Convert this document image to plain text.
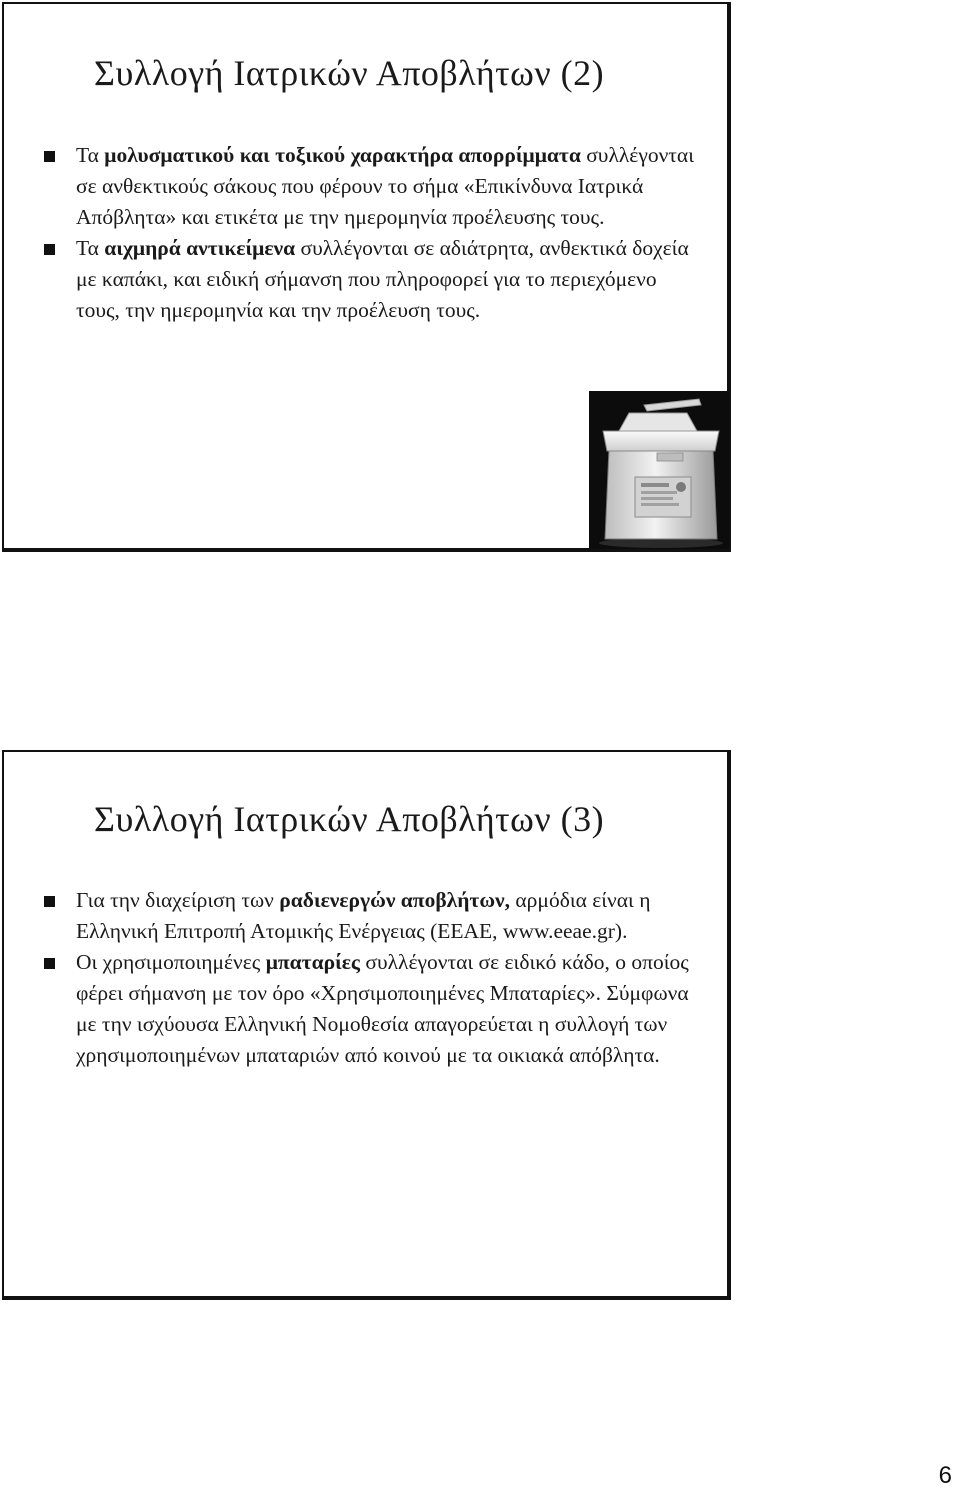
Συλλογή Ιατρικών Αποβλήτων (2)
Τα μολυσματικού και τοξικού χαρακτήρα απορρίμματα συλλέγονται σε ανθεκτικούς σάκους που φέρουν το σήμα «Επικίνδυνα Ιατρικά Απόβλητα» και ετικέτα με την ημερομηνία προέλευσης τους.
Τα αιχμηρά αντικείμενα συλλέγονται σε αδιάτρητα, ανθεκτικά δοχεία με καπάκι, και ειδική σήμανση που πληροφορεί για το περιεχόμενο τους, την ημερομηνία και την προέλευση τους.
Συλλογή Ιατρικών Αποβλήτων (3)
Για την διαχείριση των ραδιενεργών αποβλήτων, αρμόδια είναι η Ελληνική Επιτροπή Ατομικής Ενέργειας (ΕΕΑΕ, www.eeae.gr).
Οι χρησιμοποιημένες μπαταρίες συλλέγονται σε ειδικό κάδο, ο οποίος φέρει σήμανση με τον όρο «Χρησιμοποιημένες Μπαταρίες». Σύμφωνα με την ισχύουσα Ελληνική Νομοθεσία απαγορεύεται η συλλογή των χρησιμοποιημένων μπαταριών από κοινού με τα οικιακά απόβλητα.
6
